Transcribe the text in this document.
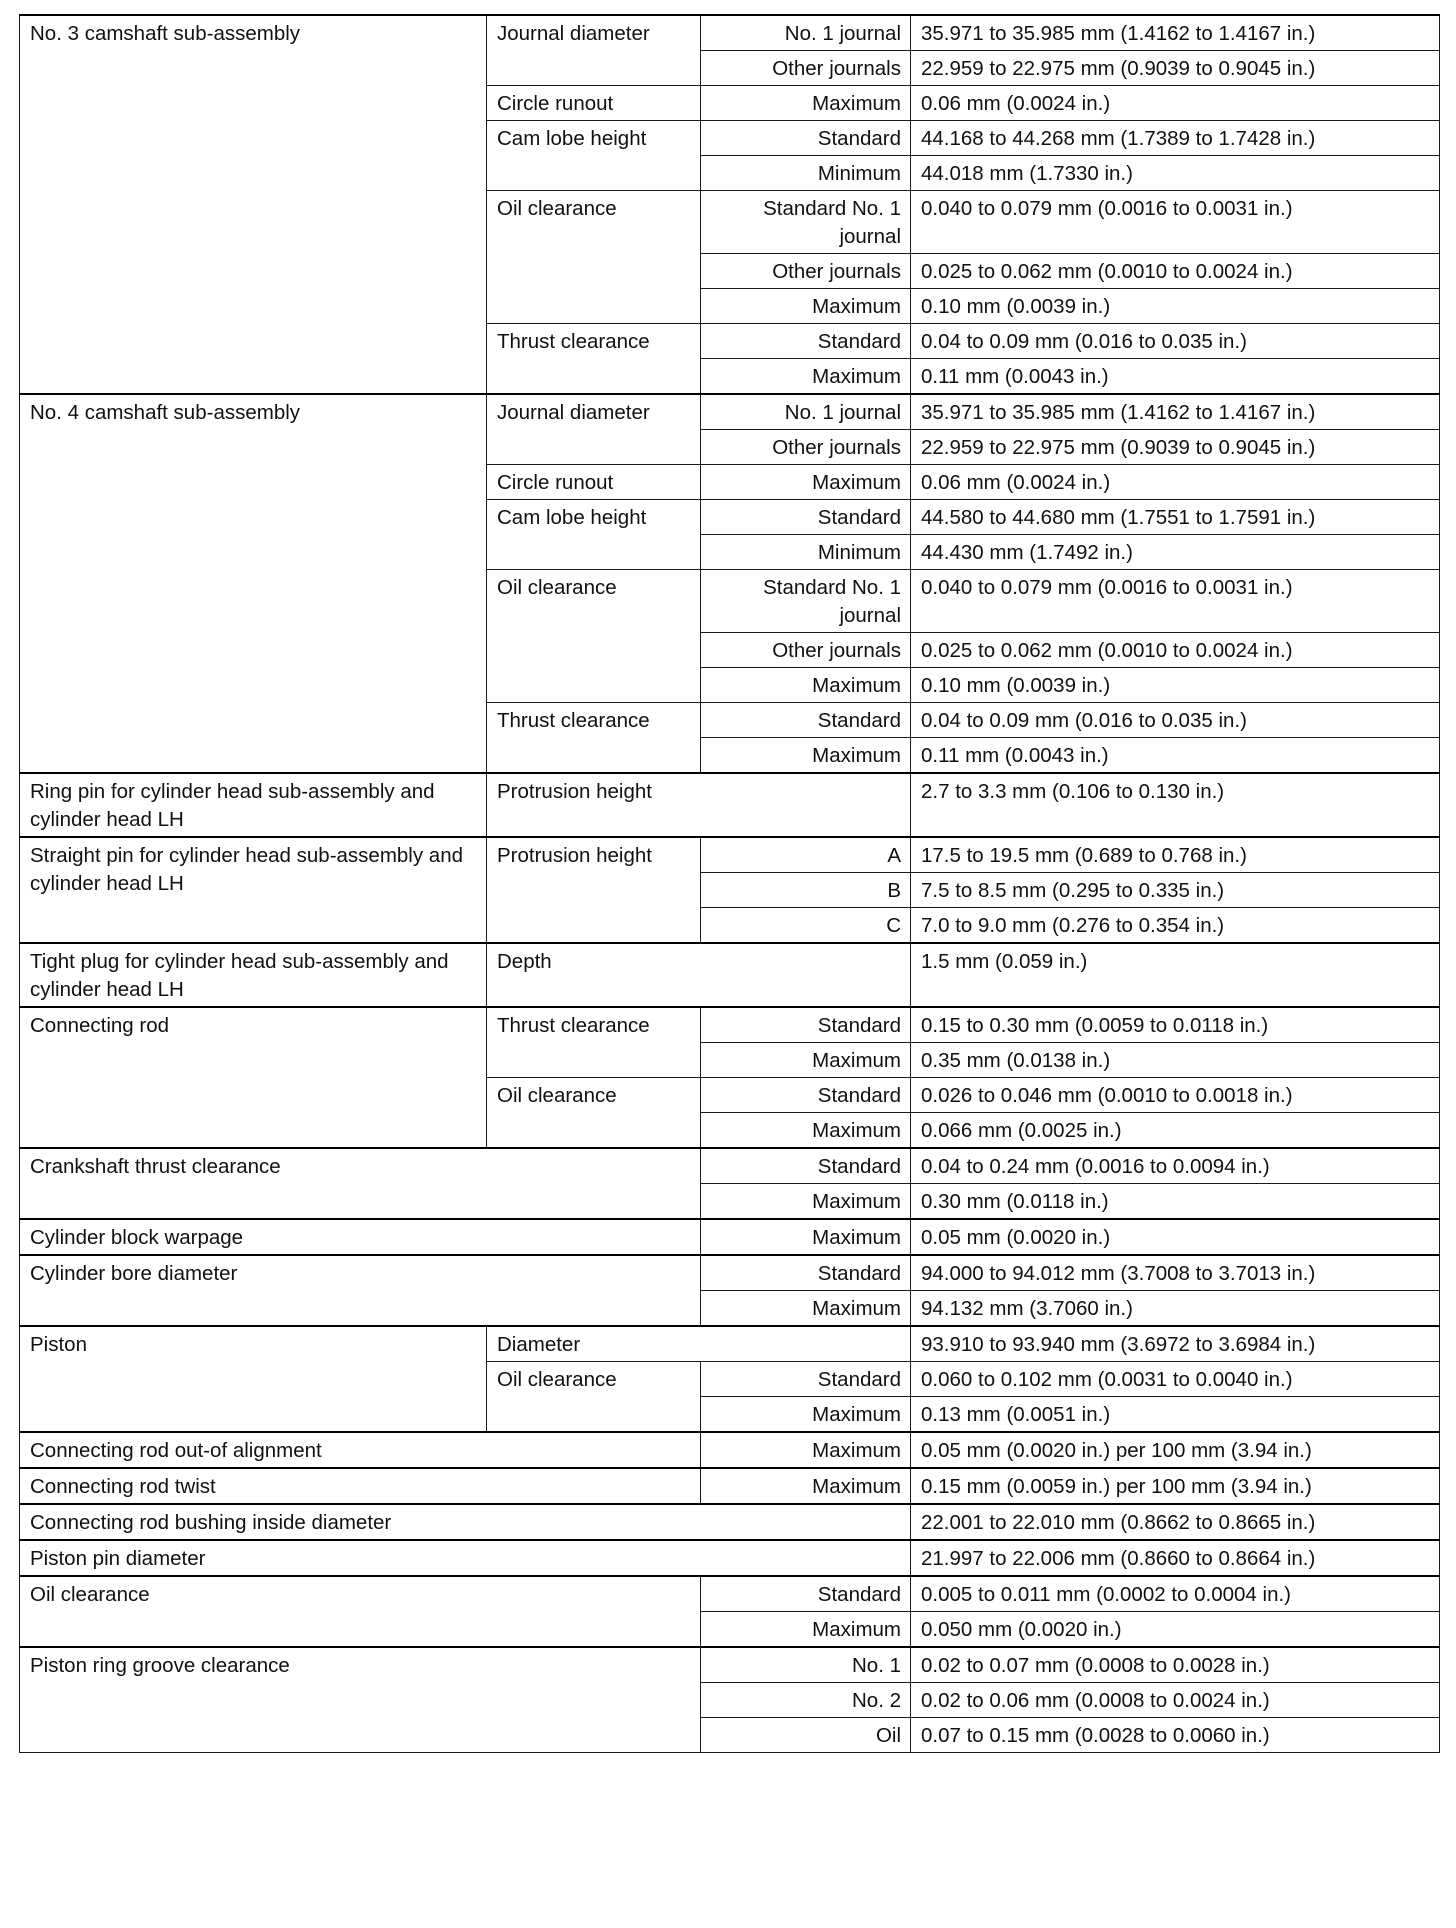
No. 3 camshaft sub-assembly	Journal diameter	No. 1 journal	35.971 to 35.985 mm (1.4162 to 1.4167 in.)
		Other journals	22.959 to 22.975 mm (0.9039 to 0.9045 in.)
	Circle runout	Maximum	0.06 mm (0.0024 in.)
	Cam lobe height	Standard	44.168 to 44.268 mm (1.7389 to 1.7428 in.)
		Minimum	44.018 mm (1.7330 in.)
	Oil clearance	Standard No. 1 journal	0.040 to 0.079 mm (0.0016 to 0.0031 in.)
		Other journals	0.025 to 0.062 mm (0.0010 to 0.0024 in.)
		Maximum	0.10 mm (0.0039 in.)
	Thrust clearance	Standard	0.04 to 0.09 mm (0.016 to 0.035 in.)
		Maximum	0.11 mm (0.0043 in.)
No. 4 camshaft sub-assembly	Journal diameter	No. 1 journal	35.971 to 35.985 mm (1.4162 to 1.4167 in.)
		Other journals	22.959 to 22.975 mm (0.9039 to 0.9045 in.)
	Circle runout	Maximum	0.06 mm (0.0024 in.)
	Cam lobe height	Standard	44.580 to 44.680 mm (1.7551 to 1.7591 in.)
		Minimum	44.430 mm (1.7492 in.)
	Oil clearance	Standard No. 1 journal	0.040 to 0.079 mm (0.0016 to 0.0031 in.)
		Other journals	0.025 to 0.062 mm (0.0010 to 0.0024 in.)
		Maximum	0.10 mm (0.0039 in.)
	Thrust clearance	Standard	0.04 to 0.09 mm (0.016 to 0.035 in.)
		Maximum	0.11 mm (0.0043 in.)
Ring pin for cylinder head sub-assembly and cylinder head LH	Protrusion height		2.7 to 3.3 mm (0.106 to 0.130 in.)
Straight pin for cylinder head sub-assembly and cylinder head LH	Protrusion height	A	17.5 to 19.5 mm (0.689 to 0.768 in.)
		B	7.5 to 8.5 mm (0.295 to 0.335 in.)
		C	7.0 to 9.0 mm (0.276 to 0.354 in.)
Tight plug for cylinder head sub-assembly and cylinder head LH	Depth		1.5 mm (0.059 in.)
Connecting rod	Thrust clearance	Standard	0.15 to 0.30 mm (0.0059 to 0.0118 in.)
		Maximum	0.35 mm (0.0138 in.)
	Oil clearance	Standard	0.026 to 0.046 mm (0.0010 to 0.0018 in.)
		Maximum	0.066 mm (0.0025 in.)
Crankshaft thrust clearance		Standard	0.04 to 0.24 mm (0.0016 to 0.0094 in.)
		Maximum	0.30 mm (0.0118 in.)
Cylinder block warpage		Maximum	0.05 mm (0.0020 in.)
Cylinder bore diameter		Standard	94.000 to 94.012 mm (3.7008 to 3.7013 in.)
		Maximum	94.132 mm (3.7060 in.)
Piston	Diameter		93.910 to 93.940 mm (3.6972 to 3.6984 in.)
	Oil clearance	Standard	0.060 to 0.102 mm (0.0031 to 0.0040 in.)
		Maximum	0.13 mm (0.0051 in.)
Connecting rod out-of alignment		Maximum	0.05 mm (0.0020 in.) per 100 mm (3.94 in.)
Connecting rod twist		Maximum	0.15 mm (0.0059 in.) per 100 mm (3.94 in.)
Connecting rod bushing inside diameter			22.001 to 22.010 mm (0.8662 to 0.8665 in.)
Piston pin diameter			21.997 to 22.006 mm (0.8660 to 0.8664 in.)
Oil clearance		Standard	0.005 to 0.011 mm (0.0002 to 0.0004 in.)
		Maximum	0.050 mm (0.0020 in.)
Piston ring groove clearance		No. 1	0.02 to 0.07 mm (0.0008 to 0.0028 in.)
		No. 2	0.02 to 0.06 mm (0.0008 to 0.0024 in.)
		Oil	0.07 to 0.15 mm (0.0028 to 0.0060 in.)
